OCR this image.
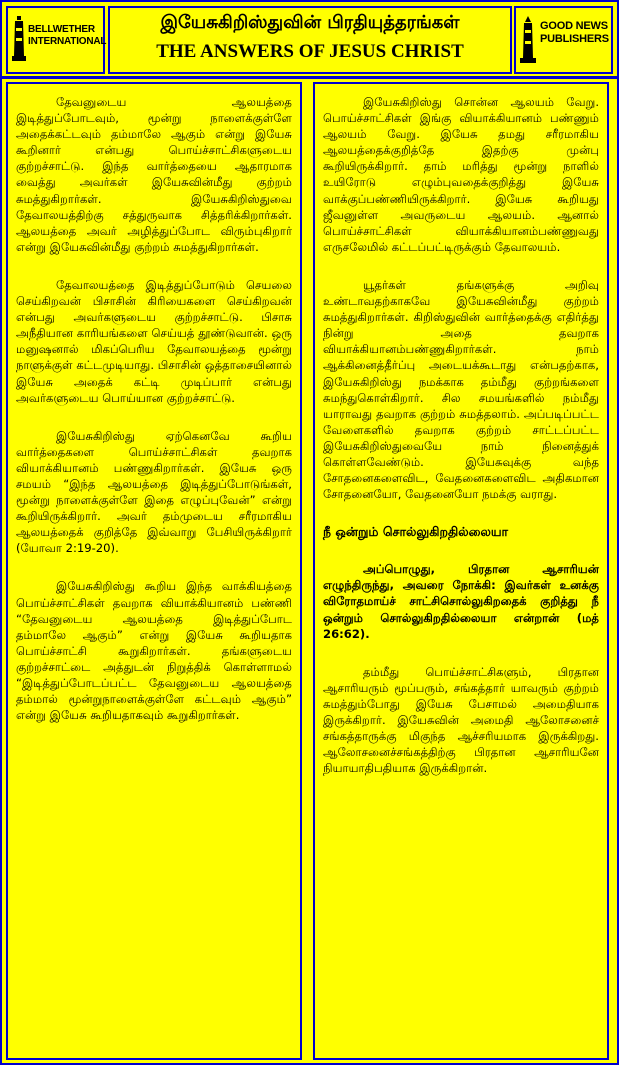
BELLWETHER INTERNATIONAL
இயேசுகிறிஸ்துவின் பிரதியுத்தரங்கள்
THE ANSWERS OF JESUS CHRIST
GOOD NEWS PUBLISHERS

தேவனுடைய ஆலயத்தை இடித்துப்போடவும், மூன்று நாளைக்குள்ளே அதைக்கட்டவும் தம்மாலே ஆகும் என்று இயேசு கூறினார் என்பது பொய்ச்சாட்சிகளுடைய குற்றச்சாட்டு. இந்த வார்த்தையை ஆதாரமாக வைத்து அவர்கள் இயேசுவின்மீது குற்றம் சுமத்துகிறார்கள். இயேசுகிறிஸ்துவை தேவாலயத்திற்கு சத்துருவாக சித்தரிக்கிறார்கள். ஆலயத்தை அவர் அழித்துப்போட விரும்புகிறார் என்று இயேசுவின்மீது குற்றம் சுமத்துகிறார்கள்.

தேவாலயத்தை இடித்துப்போடும் செயலை செய்கிறவன் பிசாசின் கிரியைகளை செய்கிறவன் என்பது அவர்களுடைய குற்றச்சாட்டு. பிசாசு அநீதியான காரியங்களை செய்யத் தூண்டுவான். ஒரு மனுஷனால் மிகப்பெரிய தேவாலயத்தை மூன்று நாளுக்குள் கட்டமுடியாது. பிசாசின் ஒத்தாசையினால் இயேசு அதைக் கட்டி முடிப்பார் என்பது அவர்களுடைய பொய்யான குற்றச்சாட்டு.

இயேசுகிறிஸ்து ஏற்கெனவே கூறிய வார்த்தைகளை பொய்ச்சாட்சிகள் தவறாக வியாக்கியானம் பண்ணுகிறார்கள். இயேசு ஒரு சமயம் “இந்த ஆலயத்தை இடித்துப்போடுங்கள், மூன்று நாளைக்குள்ளே இதை எழுப்புவேன்” என்று கூறியிருக்கிறார். அவர் தம்முடைய சரீரமாகிய ஆலயத்தைக் குறித்தே இவ்வாறு பேசியிருக்கிறார் (யோவா 2:19-20).

இயேசுகிறிஸ்து கூறிய இந்த வாக்கியத்தை பொய்ச்சாட்சிகள் தவறாக வியாக்கியானம் பண்ணி “தேவனுடைய ஆலயத்தை இடித்துப்போட தம்மாலே ஆகும்” என்று இயேசு கூறியதாக பொய்ச்சாட்சி கூறுகிறார்கள். தங்களுடைய குற்றச்சாட்டை அத்துடன் நிறுத்திக் கொள்ளாமல் “இடித்துப்போடப்பட்ட தேவனுடைய ஆலயத்தை தம்மால் மூன்றுநாளைக்குள்ளே கட்டவும் ஆகும்” என்று இயேசு கூறியதாகவும் கூறுகிறார்கள்.

இயேசுகிறிஸ்து சொன்ன ஆலயம் வேறு. பொய்ச்சாட்சிகள் இங்கு வியாக்கியானம் பண்ணும் ஆலயம் வேறு. இயேசு தமது சரீரமாகிய ஆலயத்தைக்குறித்தே இதற்கு முன்பு கூறியிருக்கிறார். தாம் மரித்து மூன்று நாளில் உயிரோடு எழும்புவதைக்குறித்து இயேசு வாக்குப்பண்ணியிருக்கிறார். இயேசு கூறியது ஜீவனுள்ள அவருடைய ஆலயம். ஆனால் பொய்ச்சாட்சிகள் வியாக்கியானம்பண்ணுவது எருசலேமில் கட்டப்பட்டிருக்கும் தேவாலயம்.

யூதர்கள் தங்களுக்கு அறிவு உண்டாவதற்காகவே இயேசுவின்மீது குற்றம் சுமத்துகிறார்கள். கிறிஸ்துவின் வார்த்தைக்கு எதிர்த்து நின்று அதை தவறாக வியாக்கியானம்பண்ணுகிறார்கள். நாம் ஆக்கினைத்தீர்ப்பு அடையக்கூடாது என்பதற்காக, இயேசுகிறிஸ்து நமக்காக தம்மீது குற்றங்களை சுமந்துகொள்கிறார். சில சமயங்களில் நம்மீது யாராவது தவறாக குற்றம் சுமத்தலாம். அப்படிப்பட்ட வேளைகளில் தவறாக குற்றம் சாட்டப்பட்ட இயேசுகிறிஸ்துவையே நாம் நினைத்துக் கொள்ளவேண்டும். இயேசுவுக்கு வந்த சோதனைகளைவிட, வேதனைகளைவிட அதிகமான சோதனையோ, வேதனையோ நமக்கு வராது.

நீ ஒன்றும் சொல்லுகிறதில்லையா

அப்பொழுது, பிரதான ஆசாரியன் எழுந்திருந்து, அவரை நோக்கி: இவர்கள் உனக்கு விரோதமாய்ச் சாட்சிசொல்லுகிறதைக் குறித்து நீ ஒன்றும் சொல்லுகிறதில்லையா என்றான் (மத் 26:62).

தம்மீது பொய்ச்சாட்சிகளும், பிரதான ஆசாரியரும் மூப்பரும், சங்கத்தார் யாவரும் குற்றம் சுமத்தும்போது இயேசு பேசாமல் அமைதியாக இருக்கிறார். இயேசுவின் அமைதி ஆலோசனைச் சங்கத்தாருக்கு மிகுந்த ஆச்சரியமாக இருக்கிறது. ஆலோசனைச்சங்கத்திற்கு பிரதான ஆசாரியனே நியாயாதிபதியாக இருக்கிறான்.
